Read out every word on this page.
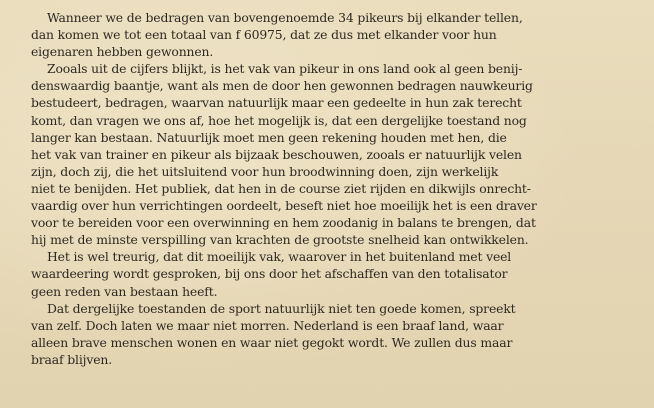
Wanneer we de bedragen van bovengenoemde 34 pikeurs bij elkander tellen,
dan komen we tot een totaal van f 60975, dat ze dus met elkander voor hun
eigenaren hebben gewonnen.
Zooals uit de cijfers blijkt, is het vak van pikeur in ons land ook al geen benij-
denswaardig baantje, want als men de door hen gewonnen bedragen nauwkeurig
bestudeert, bedragen, waarvan natuurlijk maar een gedeelte in hun zak terecht
komt, dan vragen we ons af, hoe het mogelijk is, dat een dergelijke toestand nog
langer kan bestaan. Natuurlijk moet men geen rekening houden met hen, die
het vak van trainer en pikeur als bijzaak beschouwen, zooals er natuurlijk velen
zijn, doch zij, die het uitsluitend voor hun broodwinning doen, zijn werkelijk
niet te benijden. Het publiek, dat hen in de course ziet rijden en dikwijls onrecht-
vaardig over hun verrichtingen oordeelt, beseft niet hoe moeilijk het is een draver
voor te bereiden voor een overwinning en hem zoodanig in balans te brengen, dat
hij met de minste verspilling van krachten de grootste snelheid kan ontwikkelen.
Het is wel treurig, dat dit moeilijk vak, waarover in het buitenland met veel
waardeering wordt gesproken, bij ons door het afschaffen van den totalisator
geen reden van bestaan heeft.
Dat dergelijke toestanden de sport natuurlijk niet ten goede komen, spreekt
van zelf. Doch laten we maar niet morren. Nederland is een braaf land, waar
alleen brave menschen wonen en waar niet gegokt wordt. We zullen dus maar
braaf blijven.
